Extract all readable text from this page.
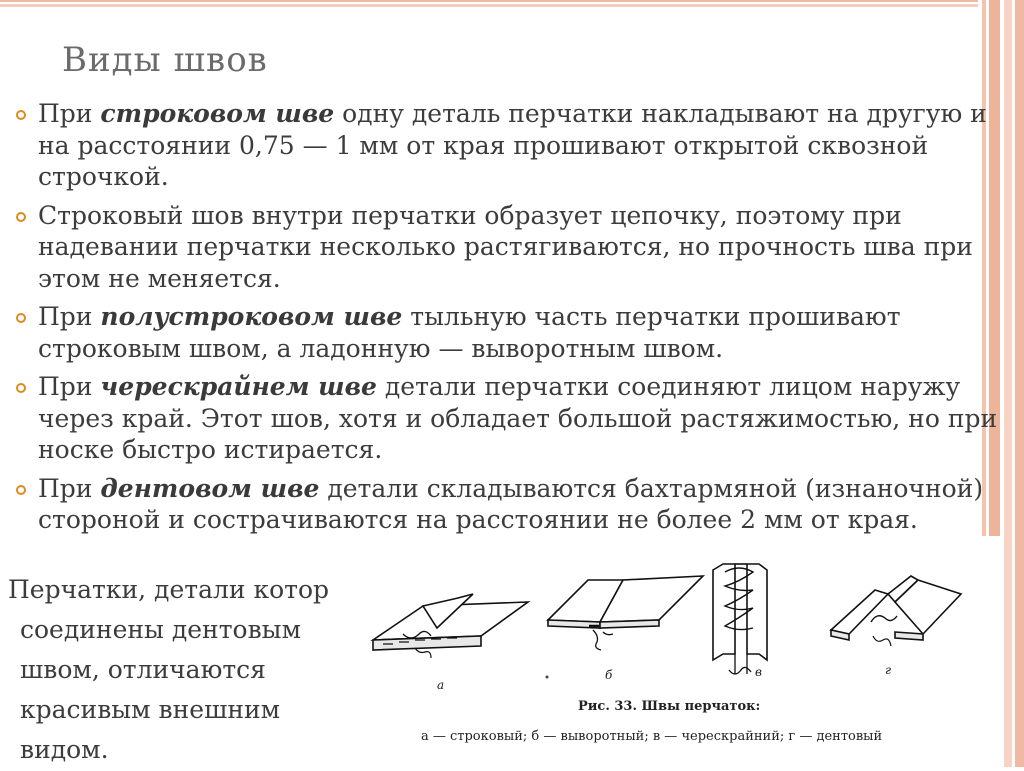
Виды швов
При строковом шве одну деталь перчатки накладывают на другую и на расстоянии 0,75 — 1 мм от края прошивают открытой сквозной строчкой.
Строковый шов внутри перчатки образует цепочку, поэтому при надевании перчатки несколько растягиваются, но прочность шва при этом не меняется.
При полустроковом шве тыльную часть перчатки прошивают строковым швом, а ладонную — выворотным швом.
При черескрайнем шве детали перчатки соединяют лицом наружу через край. Этот шов, хотя и обладает большой растяжимостью, но при носке быстро истирается.
При дентовом шве детали складываются бахтармяной (изнаночной) стороной и сострачиваются на расстоянии не более 2 мм от края.
Перчатки, детали котор
соединены дентовым
швом, отличаются
красивым внешним
видом.
а
б	в	г
Рис. 33. Швы перчаток:
а — строковый; б — выворотный; в — черескрайний; г — дентовый
